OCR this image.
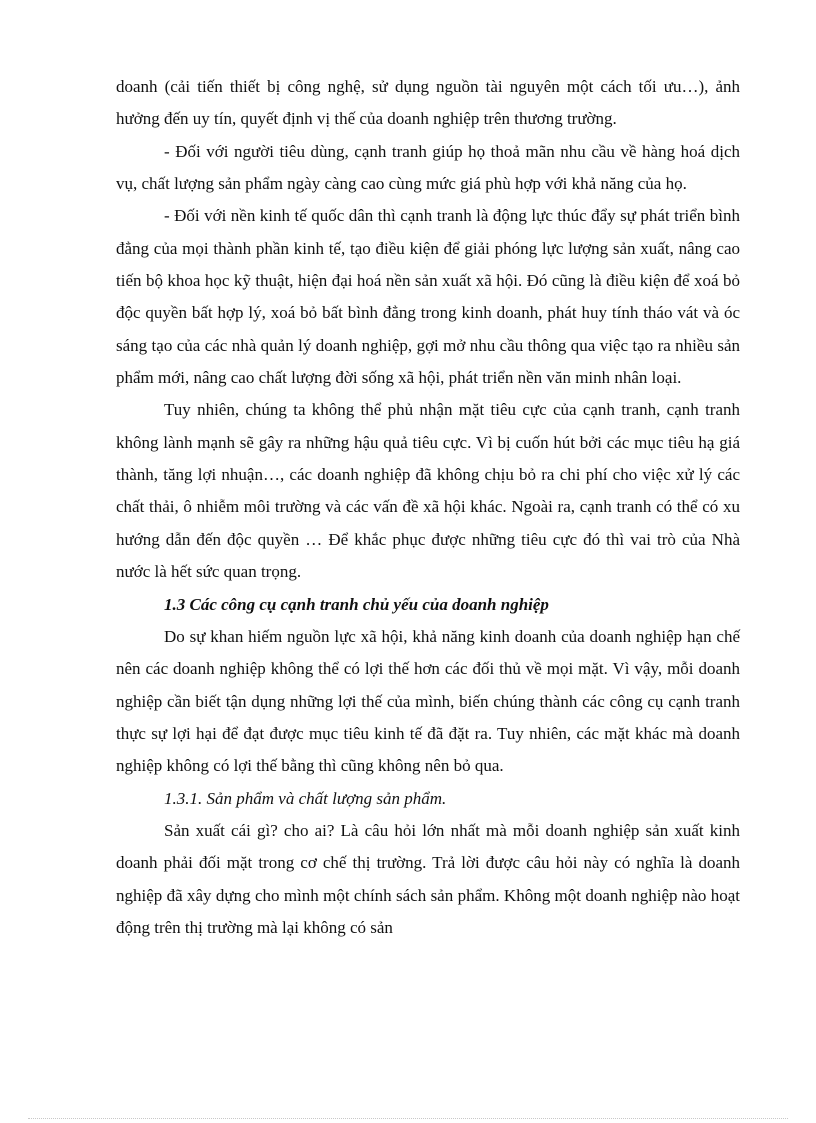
doanh (cải tiến thiết bị công nghệ, sử dụng nguồn tài nguyên một cách tối ưu…), ảnh hưởng đến uy tín, quyết định vị thế của doanh nghiệp trên thương trường.

- Đối với người tiêu dùng, cạnh tranh giúp họ thoả mãn nhu cầu về hàng hoá dịch vụ, chất lượng sản phẩm ngày càng cao cùng mức giá phù hợp với khả năng của họ.

- Đối với nền kinh tế quốc dân thì cạnh tranh là động lực thúc đẩy sự phát triển bình đẳng của mọi thành phần kinh tế, tạo điều kiện để giải phóng lực lượng sản xuất, nâng cao tiến bộ khoa học kỹ thuật, hiện đại hoá nền sản xuất xã hội. Đó cũng là điều kiện để xoá bỏ độc quyền bất hợp lý, xoá bỏ bất bình đẳng trong kinh doanh, phát huy tính tháo vát và óc sáng tạo của các nhà quản lý doanh nghiệp, gợi mở nhu cầu thông qua việc tạo ra nhiều sản phẩm mới, nâng cao chất lượng đời sống xã hội, phát triển nền văn minh nhân loại.

Tuy nhiên, chúng ta không thể phủ nhận mặt tiêu cực của cạnh tranh, cạnh tranh không lành mạnh sẽ gây ra những hậu quả tiêu cực. Vì bị cuốn hút bởi các mục tiêu hạ giá thành, tăng lợi nhuận…, các doanh nghiệp đã không chịu bỏ ra chi phí cho việc xử lý các chất thải, ô nhiễm môi trường và các vấn đề xã hội khác. Ngoài ra, cạnh tranh có thể có xu hướng dẫn đến độc quyền … Để khắc phục được những tiêu cực đó thì vai trò của Nhà nước là hết sức quan trọng.

1.3 Các công cụ cạnh tranh chủ yếu của doanh nghiệp

Do sự khan hiếm nguồn lực xã hội, khả năng kinh doanh của doanh nghiệp hạn chế nên các doanh nghiệp không thể có lợi thế hơn các đối thủ về mọi mặt. Vì vậy, mỗi doanh nghiệp cần biết tận dụng những lợi thế của mình, biến chúng thành các công cụ cạnh tranh thực sự lợi hại để đạt được mục tiêu kinh tế đã đặt ra. Tuy nhiên, các mặt khác mà doanh nghiệp không có lợi thế bằng thì cũng không nên bỏ qua.

1.3.1. Sản phẩm và chất lượng sản phẩm.

Sản xuất cái gì? cho ai? Là câu hỏi lớn nhất mà mỗi doanh nghiệp sản xuất kinh doanh phải đối mặt trong cơ chế thị trường. Trả lời được câu hỏi này có nghĩa là doanh nghiệp đã xây dựng cho mình một chính sách sản phẩm. Không một doanh nghiệp nào hoạt động trên thị trường mà lại không có sản
